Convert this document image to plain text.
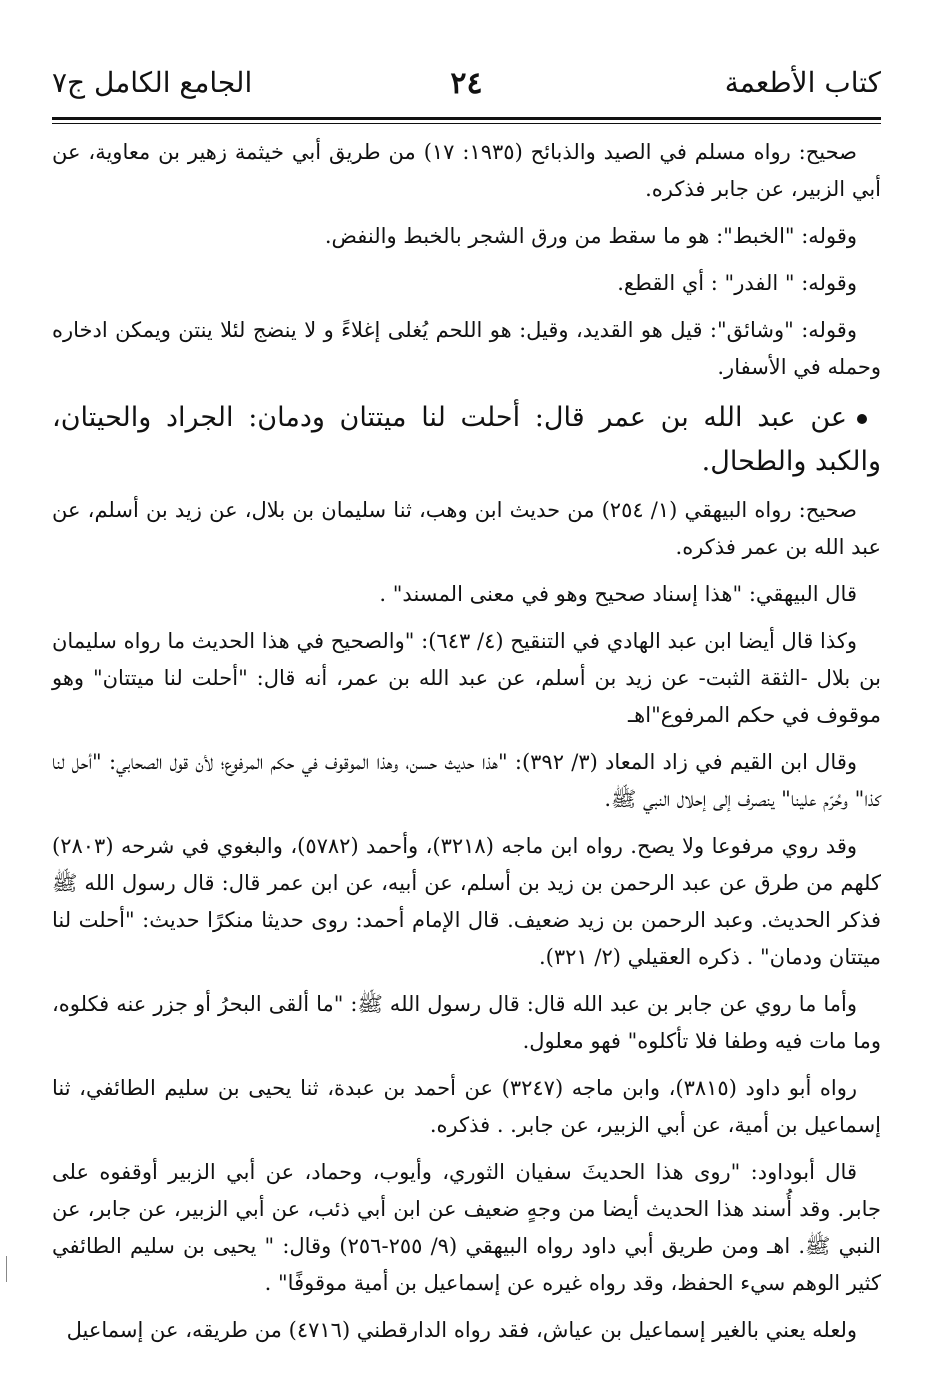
كتاب الأطعمة
٢٤
الجامع الكامل ج٧

صحيح: رواه مسلم في الصيد والذبائح (١٩٣٥: ١٧) من طريق أبي خيثمة زهير بن معاوية، عن أبي الزبير، عن جابر فذكره.

وقوله: "الخبط": هو ما سقط من ورق الشجر بالخبط والنفض.

وقوله: " الفدر" : أي القطع.

وقوله: "وشائق": قيل هو القديد، وقيل: هو اللحم يُغلى إغلاءً و لا ينضج لئلا ينتن ويمكن ادخاره وحمله في الأسفار.

عن عبد الله بن عمر قال: أحلت لنا ميتتان ودمان: الجراد والحيتان، والكبد والطحال.

صحيح: رواه البيهقي (١/ ٢٥٤) من حديث ابن وهب، ثنا سليمان بن بلال، عن زيد بن أسلم، عن عبد الله بن عمر فذكره.

قال البيهقي: "هذا إسناد صحيح وهو في معنى المسند" .

وكذا قال أيضا ابن عبد الهادي في التنقيح (٤/ ٦٤٣): "والصحيح في هذا الحديث ما رواه سليمان بن بلال -الثقة الثبت- عن زيد بن أسلم، عن عبد الله بن عمر، أنه قال: "أحلت لنا ميتتان" وهو موقوف في حكم المرفوع"اهـ

وقال ابن القيم في زاد المعاد (٣/ ٣٩٢): "هذا حديث حسن، وهذا الموقوف في حكم المرفوع؛ لأن قول الصحابي: "أحل لنا كذا" وحُرّم علينا" ينصرف إلى إحلال النبي ﷺ.

وقد روي مرفوعا ولا يصح. رواه ابن ماجه (٣٢١٨)، وأحمد (٥٧٨٢)، والبغوي في شرحه (٢٨٠٣) كلهم من طرق عن عبد الرحمن بن زيد بن أسلم، عن أبيه، عن ابن عمر قال: قال رسول الله ﷺ فذكر الحديث. وعبد الرحمن بن زيد ضعيف. قال الإمام أحمد: روى حديثا منكرًا حديث: "أحلت لنا ميتتان ودمان" . ذكره العقيلي (٢/ ٣٢١).

وأما ما روي عن جابر بن عبد الله قال: قال رسول الله ﷺ: "ما ألقى البحرُ أو جزر عنه فكلوه، وما مات فيه وطفا فلا تأكلوه" فهو معلول.

رواه أبو داود (٣٨١٥)، وابن ماجه (٣٢٤٧) عن أحمد بن عبدة، ثنا يحيى بن سليم الطائفي، ثنا إسماعيل بن أمية، عن أبي الزبير، عن جابر. . فذكره.

قال أبوداود: "روى هذا الحديثَ سفيان الثوري، وأيوب، وحماد، عن أبي الزبير أوقفوه على جابر. وقد أُسند هذا الحديث أيضا من وجهٍ ضعيف عن ابن أبي ذئب، عن أبي الزبير، عن جابر، عن النبي ﷺ. اهـ ومن طريق أبي داود رواه البيهقي (٩/ ٢٥٥-٢٥٦) وقال: " يحيى بن سليم الطائفي كثير الوهم سيء الحفظ، وقد رواه غيره عن إسماعيل بن أمية موقوفًا" .

ولعله يعني بالغير إسماعيل بن عياش، فقد رواه الدارقطني (٤٧١٦) من طريقه، عن إسماعيل
